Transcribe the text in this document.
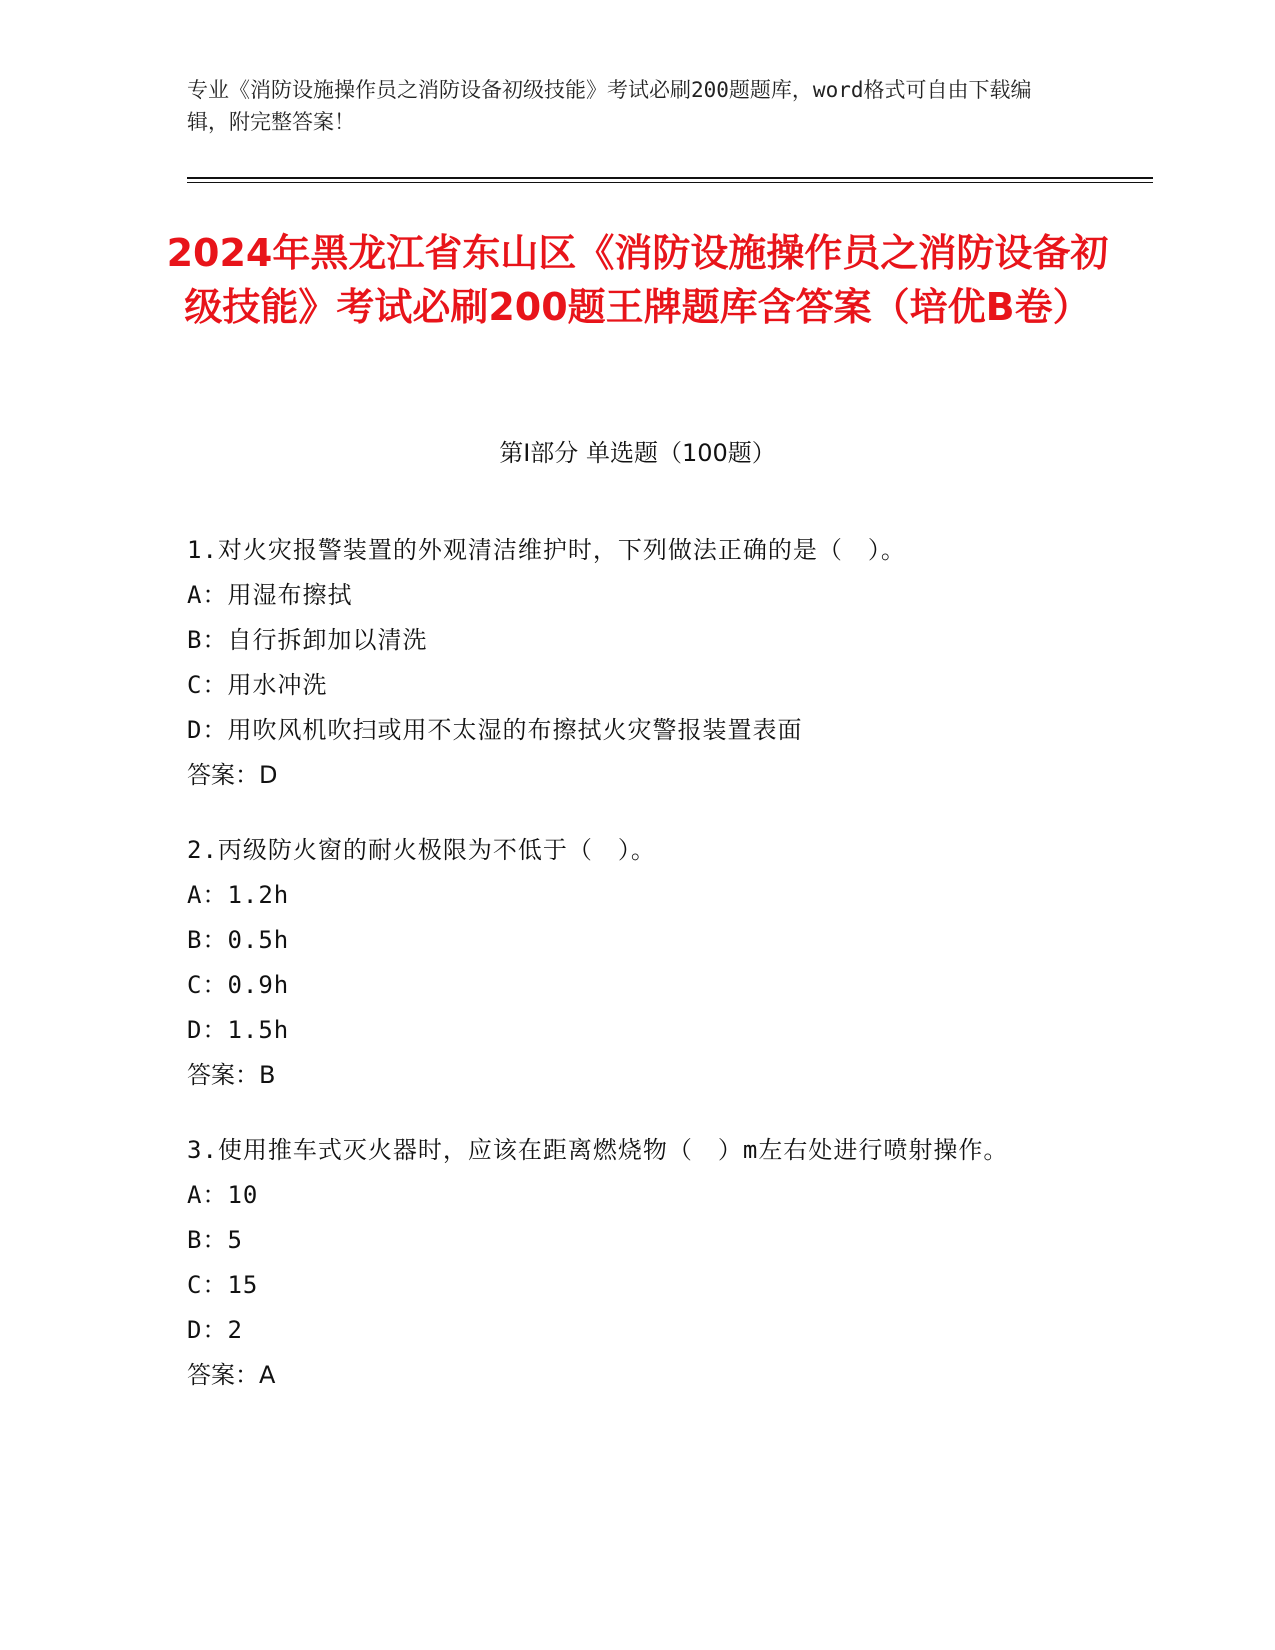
专业《消防设施操作员之消防设备初级技能》考试必刷200题题库，word格式可自由下载编辑，附完整答案！
2024年黑龙江省东山区《消防设施操作员之消防设备初级技能》考试必刷200题王牌题库含答案（培优B卷）
第I部分 单选题（100题）
1.对火灾报警装置的外观清洁维护时，下列做法正确的是（　）。
A：用湿布擦拭
B：自行拆卸加以清洗
C：用水冲洗
D：用吹风机吹扫或用不太湿的布擦拭火灾警报装置表面
答案：D
2.丙级防火窗的耐火极限为不低于（　）。
A：1.2h
B：0.5h
C：0.9h
D：1.5h
答案：B
3.使用推车式灭火器时，应该在距离燃烧物（　）m左右处进行喷射操作。
A：10
B：5
C：15
D：2
答案：A
